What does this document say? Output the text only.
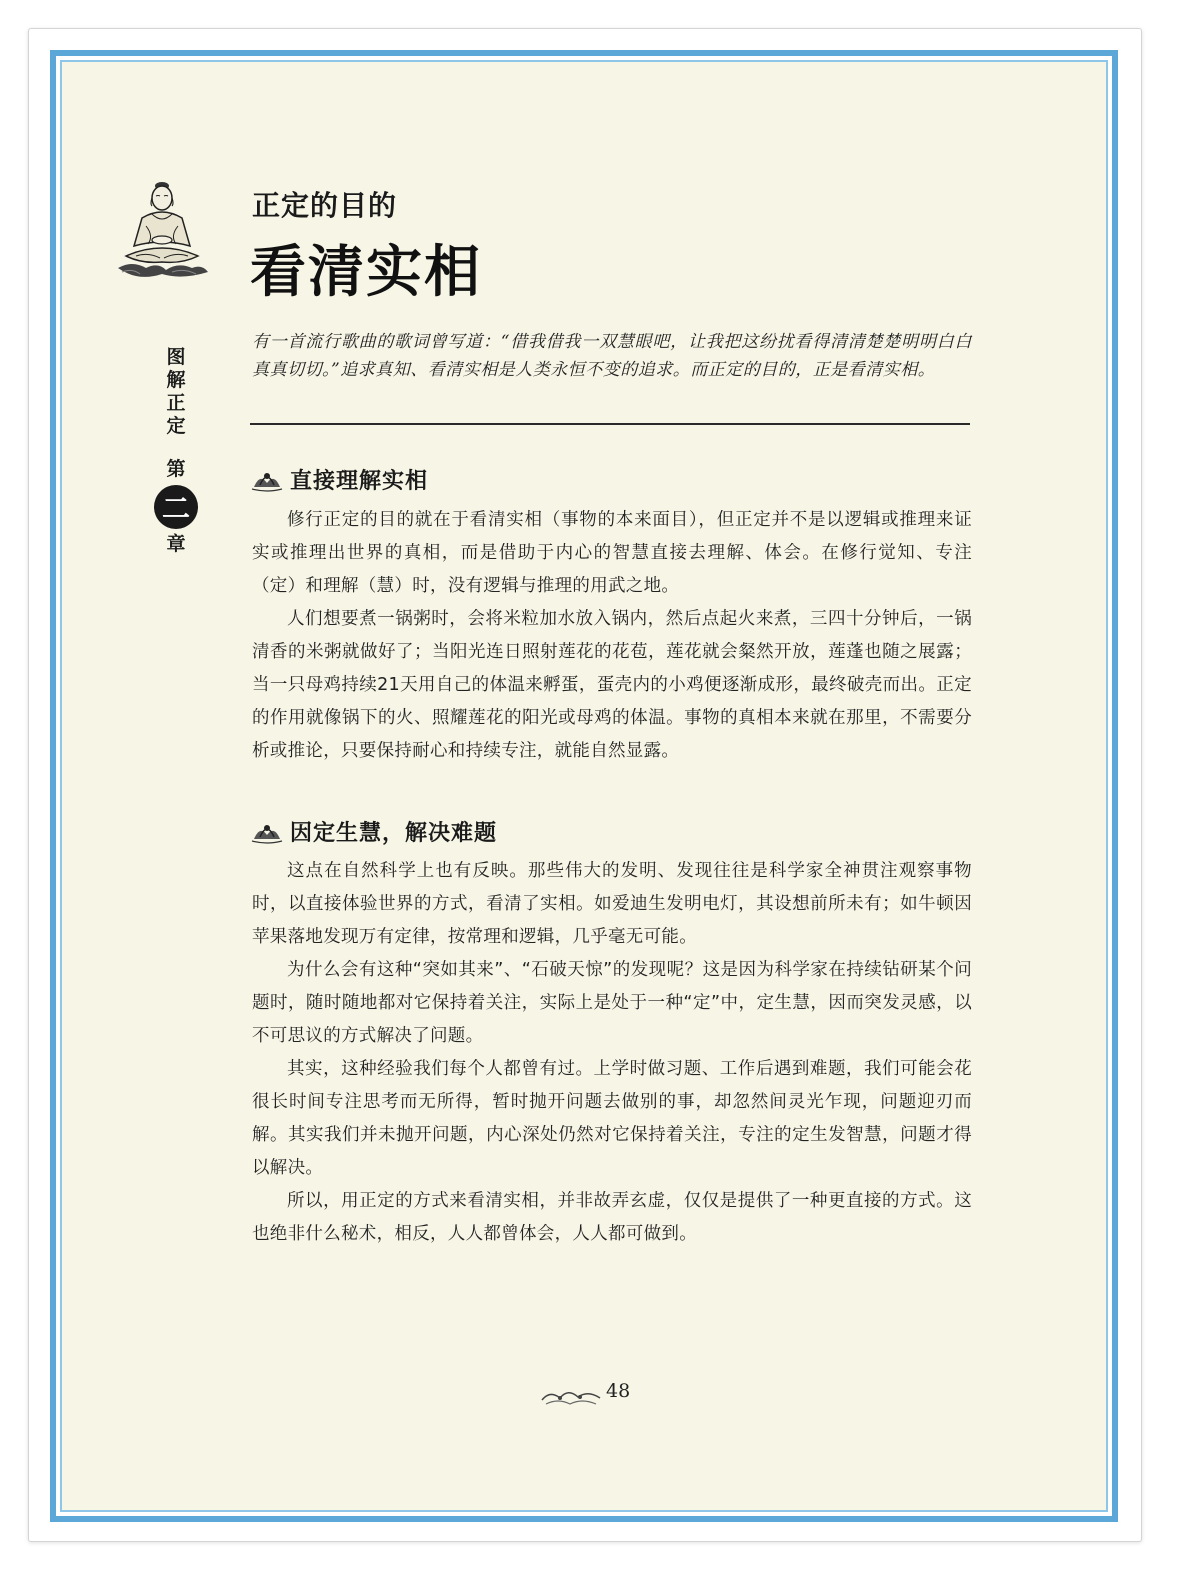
图
解
正
定
第
二
章
正定的目的
看清实相
有一首流行歌曲的歌词曾写道：“借我借我一双慧眼吧，让我把这纷扰看得清清楚楚明明白白真真切切。”追求真知、看清实相是人类永恒不变的追求。而正定的目的，正是看清实相。
直接理解实相

修行正定的目的就在于看清实相（事物的本来面目），但正定并不是以逻辑或推理来证实或推理出世界的真相，而是借助于内心的智慧直接去理解、体会。在修行觉知、专注（定）和理解（慧）时，没有逻辑与推理的用武之地。

人们想要煮一锅粥时，会将米粒加水放入锅内，然后点起火来煮，三四十分钟后，一锅清香的米粥就做好了；当阳光连日照射莲花的花苞，莲花就会粲然开放，莲蓬也随之展露；当一只母鸡持续21天用自己的体温来孵蛋，蛋壳内的小鸡便逐渐成形，最终破壳而出。正定的作用就像锅下的火、照耀莲花的阳光或母鸡的体温。事物的真相本来就在那里，不需要分析或推论，只要保持耐心和持续专注，就能自然显露。

因定生慧，解决难题

这点在自然科学上也有反映。那些伟大的发明、发现往往是科学家全神贯注观察事物时，以直接体验世界的方式，看清了实相。如爱迪生发明电灯，其设想前所未有；如牛顿因苹果落地发现万有定律，按常理和逻辑，几乎毫无可能。

为什么会有这种“突如其来”、“石破天惊”的发现呢？这是因为科学家在持续钻研某个问题时，随时随地都对它保持着关注，实际上是处于一种“定”中，定生慧，因而突发灵感，以不可思议的方式解决了问题。

其实，这种经验我们每个人都曾有过。上学时做习题、工作后遇到难题，我们可能会花很长时间专注思考而无所得，暂时抛开问题去做别的事，却忽然间灵光乍现，问题迎刃而解。其实我们并未抛开问题，内心深处仍然对它保持着关注，专注的定生发智慧，问题才得以解决。

所以，用正定的方式来看清实相，并非故弄玄虚，仅仅是提供了一种更直接的方式。这也绝非什么秘术，相反，人人都曾体会，人人都可做到。

48
